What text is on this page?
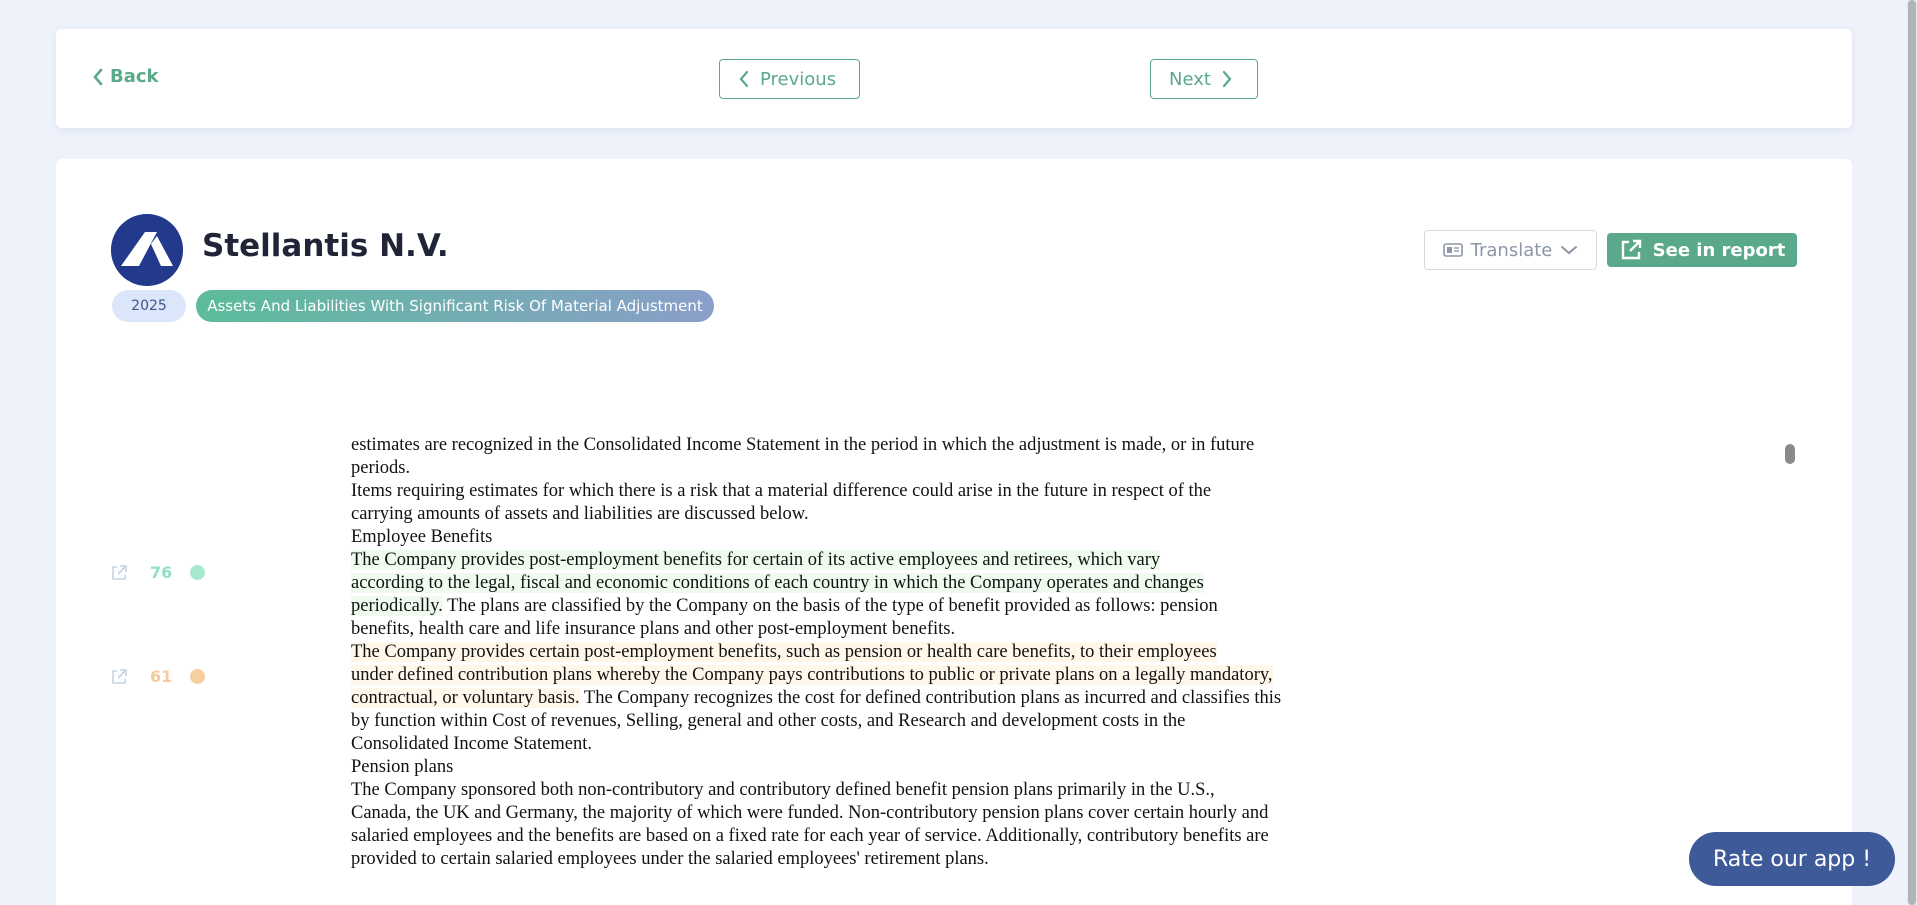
Back	Previous	Next
Stellantis N.V.
2025	Assets And Liabilities With Significant Risk Of Material Adjustment
Translate	See in report
76
61
estimates are recognized in the Consolidated Income Statement in the period in which the adjustment is made, or in future
periods.
Items requiring estimates for which there is a risk that a material difference could arise in the future in respect of the
carrying amounts of assets and liabilities are discussed below.
Employee Benefits
The Company provides post-employment benefits for certain of its active employees and retirees, which vary
according to the legal, fiscal and economic conditions of each country in which the Company operates and changes
periodically. The plans are classified by the Company on the basis of the type of benefit provided as follows: pension
benefits, health care and life insurance plans and other post-employment benefits.
The Company provides certain post-employment benefits, such as pension or health care benefits, to their employees
under defined contribution plans whereby the Company pays contributions to public or private plans on a legally mandatory,
contractual, or voluntary basis. The Company recognizes the cost for defined contribution plans as incurred and classifies this
by function within Cost of revenues, Selling, general and other costs, and Research and development costs in the
Consolidated Income Statement.
Pension plans
The Company sponsored both non-contributory and contributory defined benefit pension plans primarily in the U.S.,
Canada, the UK and Germany, the majority of which were funded. Non-contributory pension plans cover certain hourly and
salaried employees and the benefits are based on a fixed rate for each year of service. Additionally, contributory benefits are
provided to certain salaried employees under the salaried employees' retirement plans.	Rate our app !
